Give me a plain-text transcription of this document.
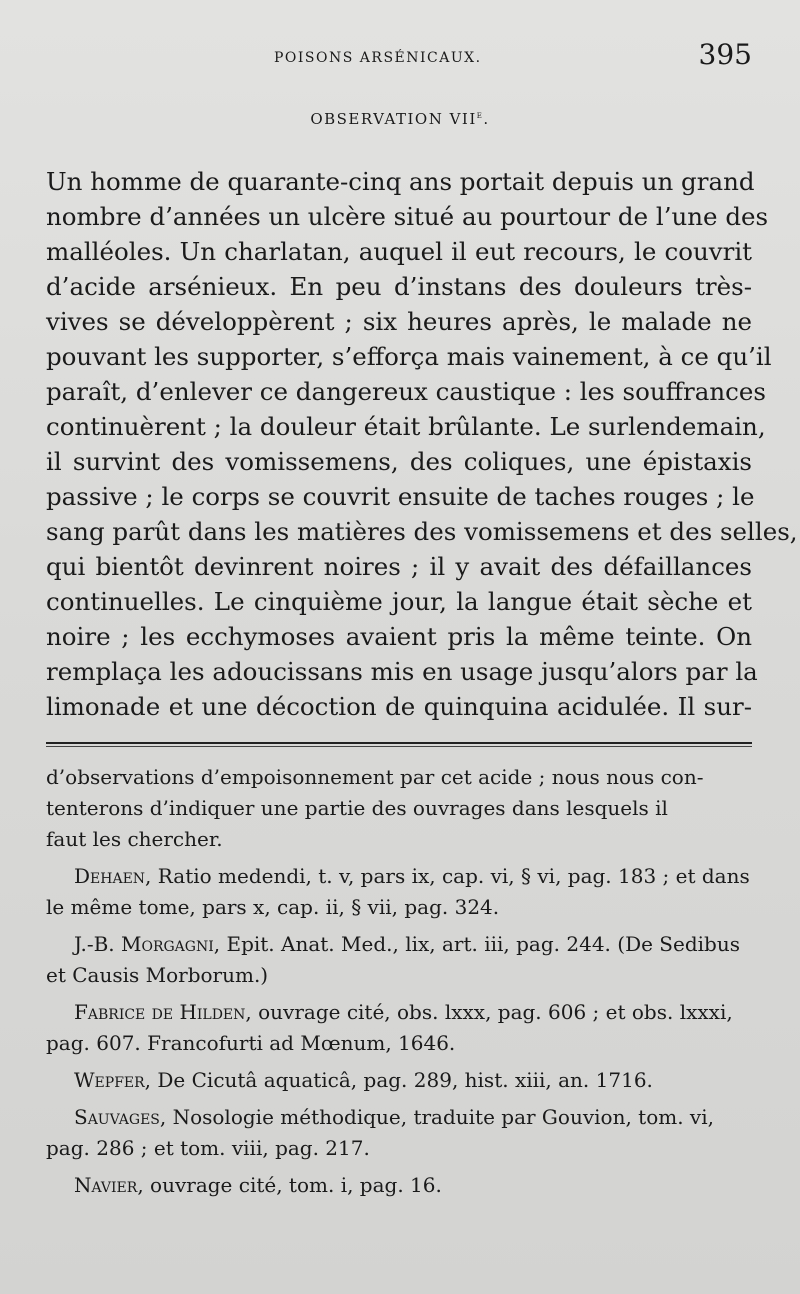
POISONS ARSÉNICAUX.	395
OBSERVATION VIIe.
Un homme de quarante-cinq ans portait depuis un grand
nombre d’années un ulcère situé au pourtour de l’une des
malléoles. Un charlatan, auquel il eut recours, le couvrit
d’acide arsénieux. En peu d’instans des douleurs très-
vives se développèrent ; six heures après, le malade ne
pouvant les supporter, s’efforça mais vainement, à ce qu’il
paraît, d’enlever ce dangereux caustique : les souffrances
continuèrent ; la douleur était brûlante. Le surlendemain,
il survint des vomissemens, des coliques, une épistaxis
passive ; le corps se couvrit ensuite de taches rouges ; le
sang parût dans les matières des vomissemens et des selles,
qui bientôt devinrent noires ; il y avait des défaillances
continuelles. Le cinquième jour, la langue était sèche et
noire ; les ecchymoses avaient pris la même teinte. On
remplaça les adoucissans mis en usage jusqu’alors par la
limonade et une décoction de quinquina acidulée. Il sur-

d’observations d’empoisonnement par cet acide ; nous nous con-
tenterons d’indiquer une partie des ouvrages dans lesquels il
faut les chercher.

Dehaen, Ratio medendi, t. v, pars ix, cap. vi, § vi, pag. 183 ; et dans le même tome, pars x, cap. ii, § vii, pag. 324.

J.-B. Morgagni, Epit. Anat. Med., lix, art. iii, pag. 244. (De Sedibus et Causis Morborum.)

Fabrice de Hilden, ouvrage cité, obs. lxxx, pag. 606 ; et obs. lxxxi, pag. 607. Francofurti ad Mœnum, 1646.

Wepfer, De Cicutâ aquaticâ, pag. 289, hist. xiii, an. 1716.

Sauvages, Nosologie méthodique, traduite par Gouvion, tom. vi, pag. 286 ; et tom. viii, pag. 217.

Navier, ouvrage cité, tom. i, pag. 16.
